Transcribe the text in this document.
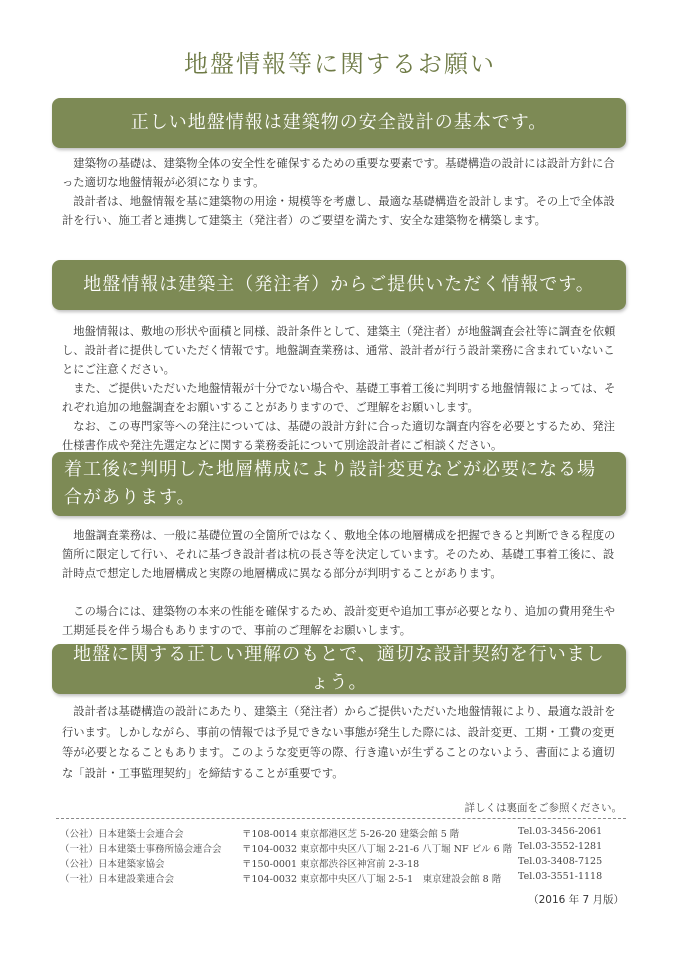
地盤情報等に関するお願い
正しい地盤情報は建築物の安全設計の基本です。

建築物の基礎は、建築物全体の安全性を確保するための重要な要素です。基礎構造の設計には設計方針に合った適切な地盤情報が必須になります。

設計者は、地盤情報を基に建築物の用途・規模等を考慮し、最適な基礎構造を設計します。その上で全体設計を行い、施工者と連携して建築主（発注者）のご要望を満たす、安全な建築物を構築します。

地盤情報は建築主（発注者）からご提供いただく情報です。

地盤情報は、敷地の形状や面積と同様、設計条件として、建築主（発注者）が地盤調査会社等に調査を依頼し、設計者に提供していただく情報です。地盤調査業務は、通常、設計者が行う設計業務に含まれていないことにご注意ください。

また、ご提供いただいた地盤情報が十分でない場合や、基礎工事着工後に判明する地盤情報によっては、それぞれ追加の地盤調査をお願いすることがありますので、ご理解をお願いします。

なお、この専門家等への発注については、基礎の設計方針に合った適切な調査内容を必要とするため、発注仕様書作成や発注先選定などに関する業務委託について別途設計者にご相談ください。

着工後に判明した地層構成により設計変更などが必要になる場合があります。

地盤調査業務は、一般に基礎位置の全箇所ではなく、敷地全体の地層構成を把握できると判断できる程度の箇所に限定して行い、それに基づき設計者は杭の長さ等を決定しています。そのため、基礎工事着工後に、設計時点で想定した地層構成と実際の地層構成に異なる部分が判明することがあります。

この場合には、建築物の本来の性能を確保するため、設計変更や追加工事が必要となり、追加の費用発生や工期延長を伴う場合もありますので、事前のご理解をお願いします。

地盤に関する正しい理解のもとで、適切な設計契約を行いましょう。

設計者は基礎構造の設計にあたり、建築主（発注者）からご提供いただいた地盤情報により、最適な設計を行います。しかしながら、事前の情報では予見できない事態が発生した際には、設計変更、工期・工費の変更等が必要となることもあります。このような変更等の際、行き違いが生ずることのないよう、書面による適切な「設計・工事監理契約」を締結することが重要です。

詳しくは裏面をご参照ください。
（公社）日本建築士会連合会	〒108-0014 東京都港区芝 5-26-20 建築会館 5 階	Tel.03-3456-2061
（一社）日本建築士事務所協会連合会 〒104-0032 東京都中央区八丁堀 2-21-6 八丁堀 NF ビル 6 階 Tel.03-3552-1281
（公社）日本建築家協会	〒150-0001 東京都渋谷区神宮前 2-3-18	Tel.03-3408-7125
（一社）日本建設業連合会	〒104-0032 東京都中央区八丁堀 2-5-1　東京建設会館 8 階 Tel.03-3551-1118
（2016 年 7 月版）
